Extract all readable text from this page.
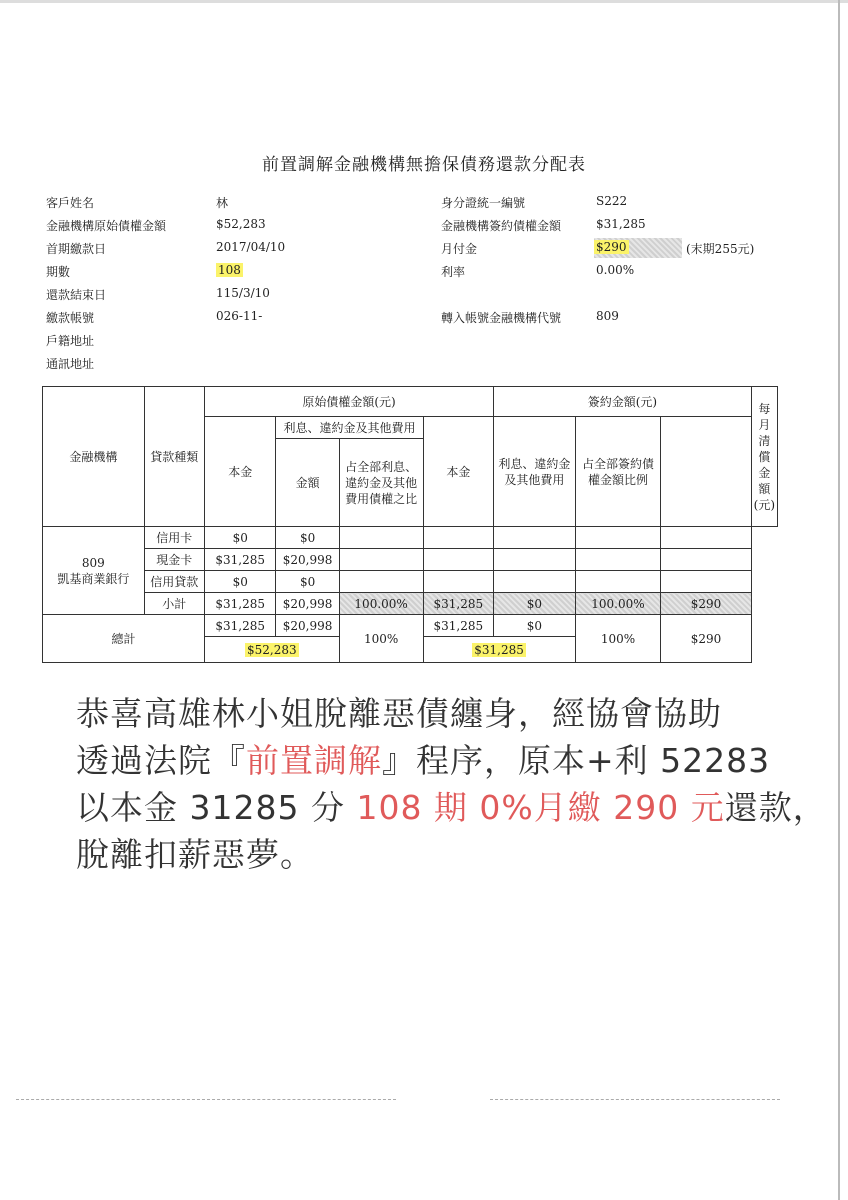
前置調解金融機構無擔保債務還款分配表
客戶姓名	林
金融機構原始債權金額	$52,283
首期繳款日	2017/04/10
期數	108
還款結束日	115/3/10
繳款帳號	026-11-
戶籍地址
通訊地址
身分證統一編號	S222
金融機構簽約債權金額	$31,285
月付金	$290	(末期255元)
利率	0.00%
轉入帳號金融機構代號	809
金融機構	貸款種類	原始債權金額(元)				簽約金額(元)			每月清償金額(元)
		本金	利息、違約金及其他費用		本金	利息、違約金及其他費用	占全部簽約債權金額比例		
			金額	占全部利息、違約金及其他費用債權之比					

809
凱基商業銀行	信用卡	$0	$0						
	現金卡	$31,285	$20,998						
	信用貸款	$0	$0						
	小計	$31,285	$20,998	100.00%	$31,285	$0	100.00%	$290	
總計		$31,285	$20,998	100%	$31,285	$0	100%	$290	
		$52,283			$31,285				
恭喜高雄林小姐脫離惡債纏身，經協會協助
透過法院『前置調解』程序，原本+利 52283
以本金 31285 分 108 期 0%月繳 290 元還款，
脫離扣薪惡夢。
